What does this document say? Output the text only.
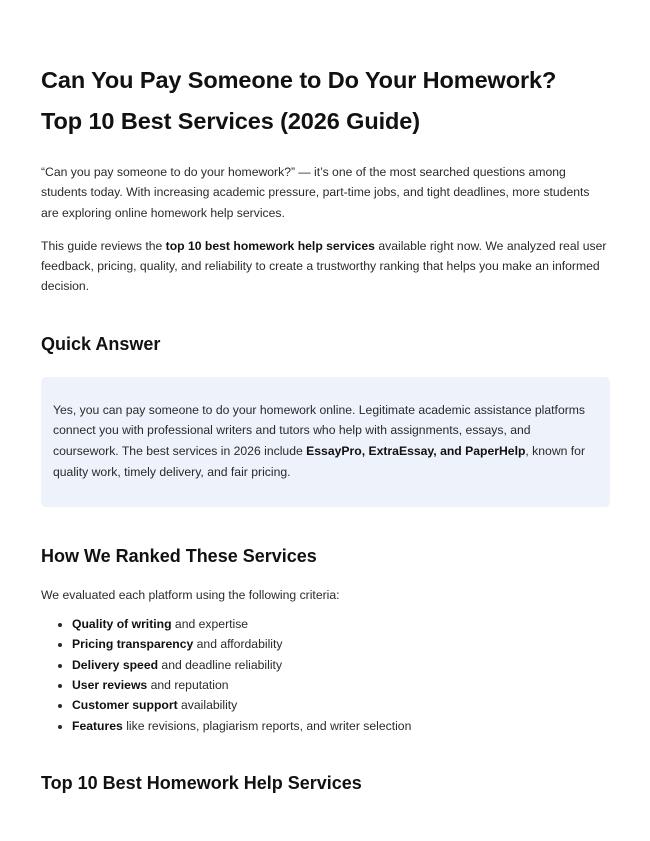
Can You Pay Someone to Do Your Homework?
Top 10 Best Services (2026 Guide)

“Can you pay someone to do your homework?” — it’s one of the most searched questions among students today. With increasing academic pressure, part-time jobs, and tight deadlines, more students are exploring online homework help services.

This guide reviews the top 10 best homework help services available right now. We analyzed real user feedback, pricing, quality, and reliability to create a trustworthy ranking that helps you make an informed decision.

Quick Answer
Yes, you can pay someone to do your homework online. Legitimate academic assistance platforms connect you with professional writers and tutors who help with assignments, essays, and coursework. The best services in 2026 include EssayPro, ExtraEssay, and PaperHelp, known for quality work, timely delivery, and fair pricing.
How We Ranked These Services

We evaluated each platform using the following criteria:

• Quality of writing and expertise
• Pricing transparency and affordability
• Delivery speed and deadline reliability
• User reviews and reputation
• Customer support availability
• Features like revisions, plagiarism reports, and writer selection
Top 10 Best Homework Help Services
